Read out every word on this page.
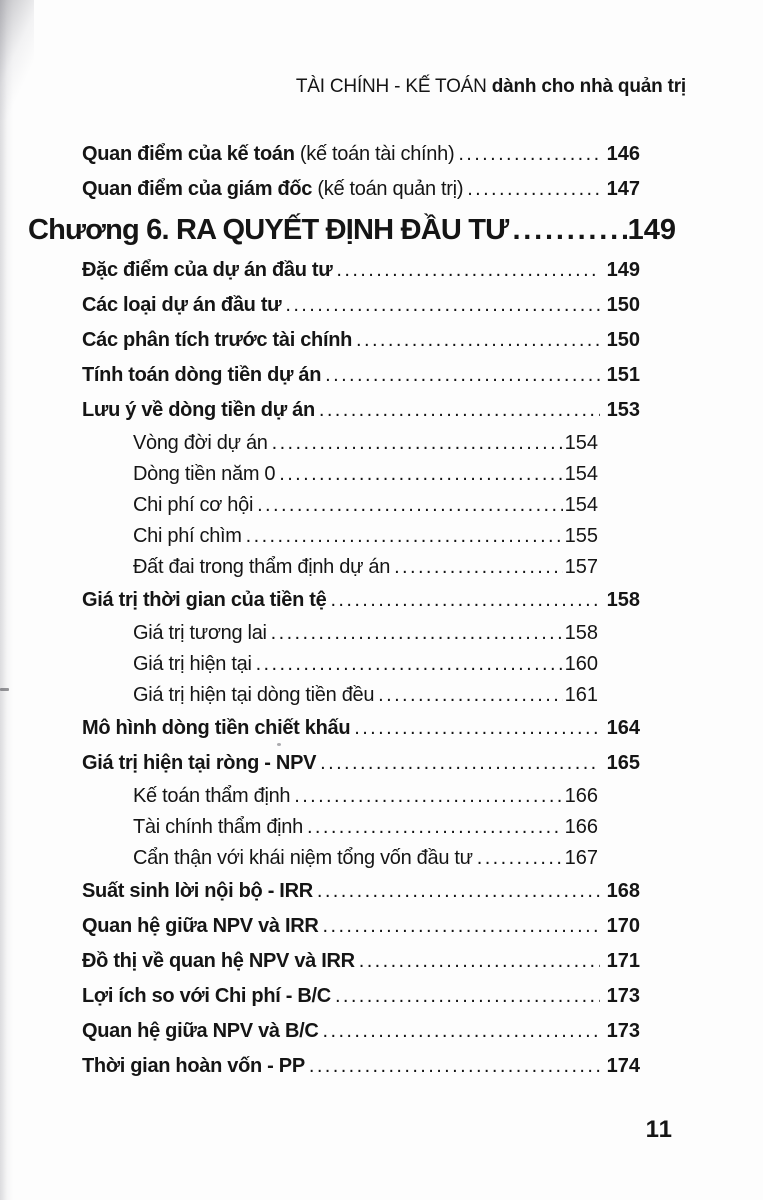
TÀI CHÍNH - KẾ TOÁN dành cho nhà quản trị
Quan điểm của kế toán (kế toán tài chính) .....	146
Quan điểm của giám đốc (kế toán quản trị) .....	147
Chương 6. RA QUYẾT ĐỊNH ĐẦU TƯ .....	149
Đặc điểm của dự án đầu tư .....	149
Các loại dự án đầu tư .....	150
Các phân tích trước tài chính .....	150
Tính toán dòng tiền dự án .....	151
Lưu ý về dòng tiền dự án .....	153
Vòng đời dự án .....	154
Dòng tiền năm 0 .....	154
Chi phí cơ hội .....	154
Chi phí chìm .....	155
Đất đai trong thẩm định dự án .....	157
Giá trị thời gian của tiền tệ .....	158
Giá trị tương lai .....	158
Giá trị hiện tại .....	160
Giá trị hiện tại dòng tiền đều .....	161
Mô hình dòng tiền chiết khấu .....	164
Giá trị hiện tại ròng - NPV .....	165
Kế toán thẩm định .....	166
Tài chính thẩm định .....	166
Cẩn thận với khái niệm tổng vốn đầu tư .....	167
Suất sinh lời nội bộ - IRR .....	168
Quan hệ giữa NPV và IRR .....	170
Đồ thị về quan hệ NPV và IRR .....	171
Lợi ích so với Chi phí - B/C .....	173
Quan hệ giữa NPV và B/C .....	173
Thời gian hoàn vốn - PP .....	174
11
